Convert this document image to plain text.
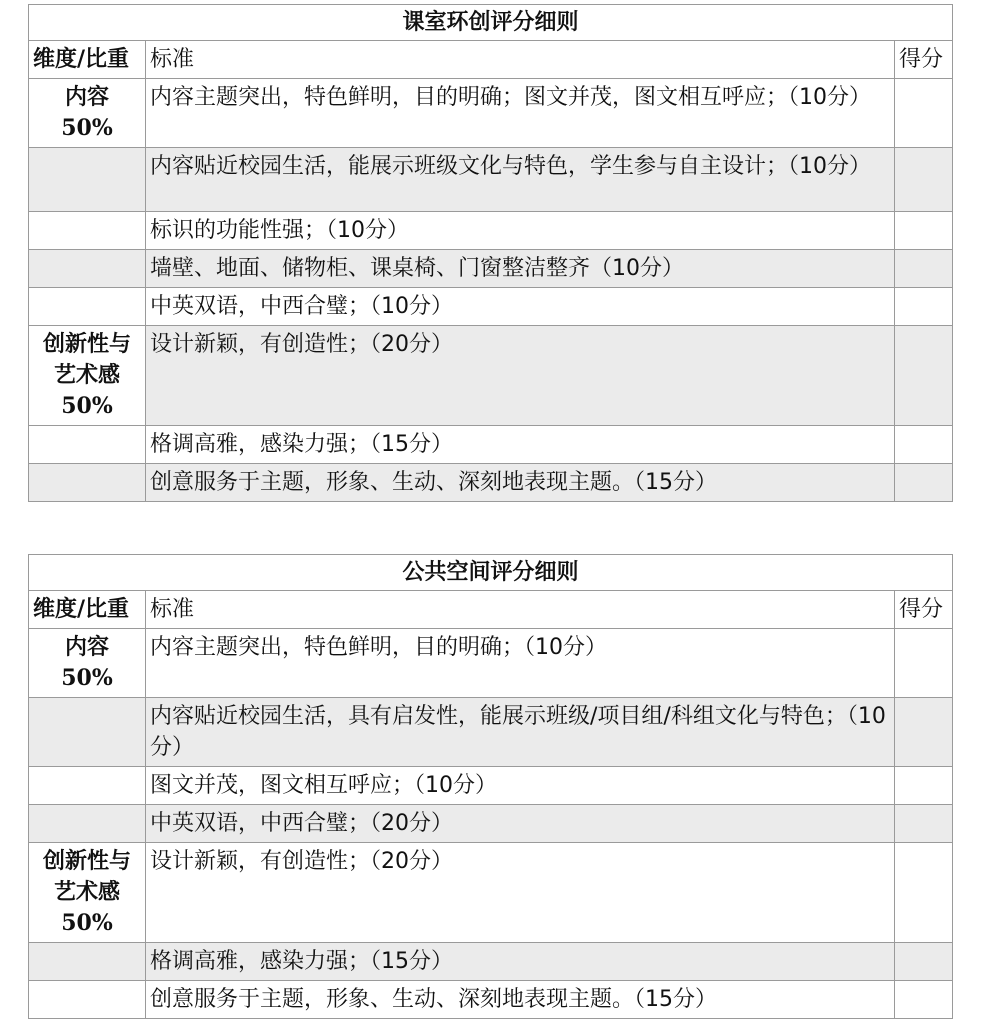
课室环创评分细则		
维度/比重	标准	得分
内容
50%	内容主题突出，特色鲜明，目的明确；图文并茂，图文相互呼应；（10分）	
	内容贴近校园生活，能展示班级文化与特色，学生参与自主设计；（10分）	
	标识的功能性强；（10分）	
	墙壁、地面、储物柜、课桌椅、门窗整洁整齐（10分）	
	中英双语，中西合璧；（10分）	
创新性与
艺术感
50%	设计新颖，有创造性；（20分）	
	格调高雅，感染力强；（15分）	
	创意服务于主题，形象、生动、深刻地表现主题。（15分）	
公共空间评分细则		
维度/比重	标准	得分
内容
50%	内容主题突出，特色鲜明，目的明确；（10分）	
	内容贴近校园生活，具有启发性，能展示班级/项目组/科组文化与特色；（10分）	
	图文并茂，图文相互呼应；（10分）	
	中英双语，中西合璧；（20分）	
创新性与
艺术感
50%	设计新颖，有创造性；（20分）	
	格调高雅，感染力强；（15分）	
	创意服务于主题，形象、生动、深刻地表现主题。（15分）	
